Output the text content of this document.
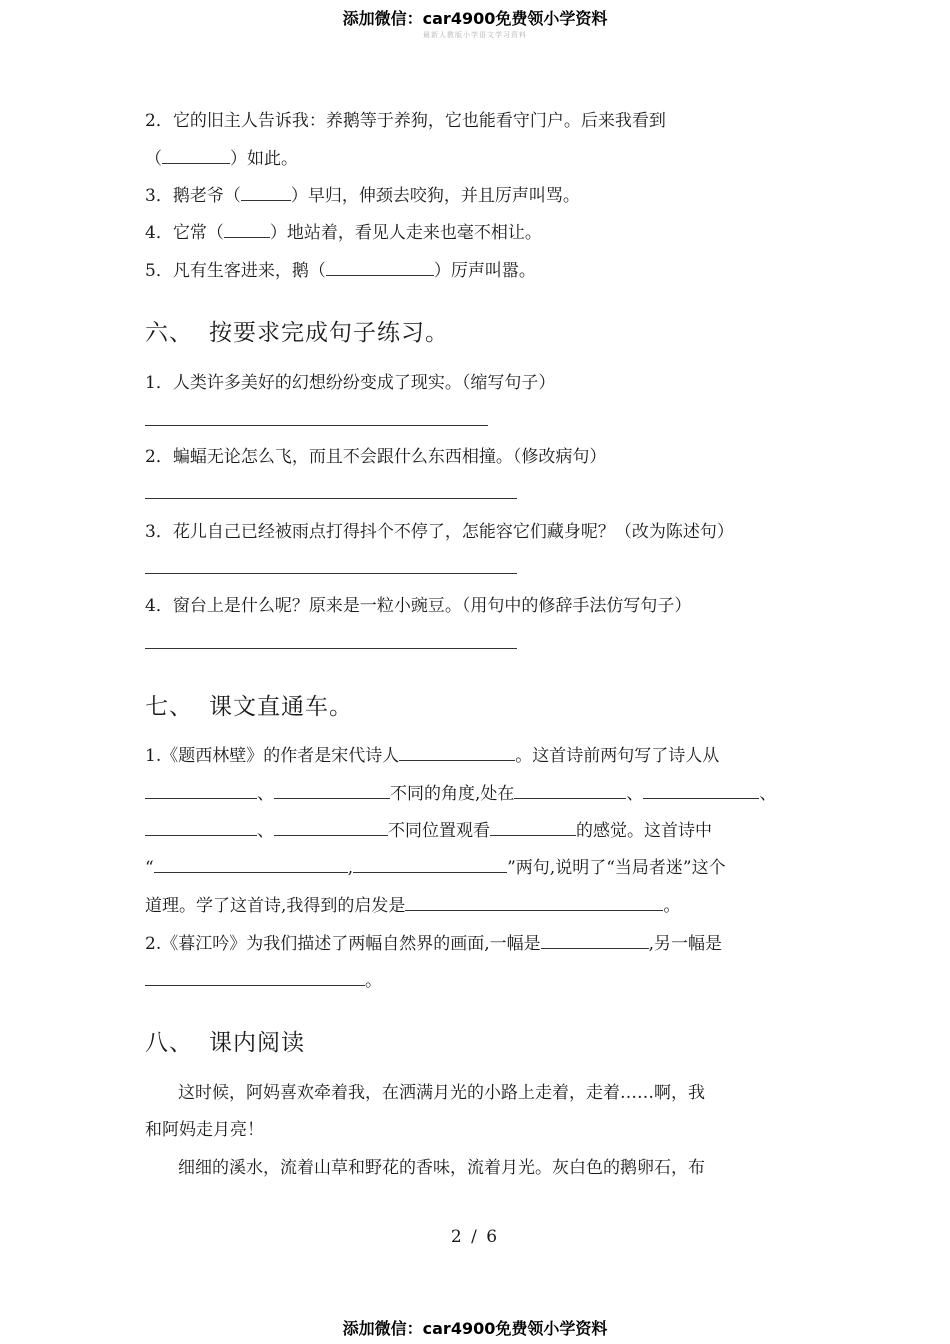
添加微信：car4900免费领小学资料
最新人教版小学语文学习资料
2．它的旧主人告诉我：养鹅等于养狗，它也能看守门户。后来我看到
（	）如此。
3．鹅老爷（	）早归，伸颈去咬狗，并且厉声叫骂。
4．它常（	）地站着，看见人走来也毫不相让。
5．凡有生客进来，鹅（	）厉声叫嚣。
六、 按要求完成句子练习。
1．人类许多美好的幻想纷纷变成了现实。（缩写句子）
2．蝙蝠无论怎么飞，而且不会跟什么东西相撞。（修改病句）
3．花儿自己已经被雨点打得抖个不停了，怎能容它们藏身呢？（改为陈述句）
4．窗台上是什么呢？原来是一粒小豌豆。（用句中的修辞手法仿写句子）
七、 课文直通车。
1.《题西林壁》的作者是宋代诗人	。这首诗前两句写了诗人从
、	不同的角度,处在	、	、
、	不同位置观看	的感觉。这首诗中
“	,	”两句,说明了“当局者迷”这个
道理。学了这首诗,我得到的启发是	。
2.《暮江吟》为我们描述了两幅自然界的画面,一幅是	,另一幅是
。
八、 课内阅读
这时候，阿妈喜欢牵着我，在洒满月光的小路上走着，走着……啊，我
和阿妈走月亮！
细细的溪水，流着山草和野花的香味，流着月光。灰白色的鹅卵石，布
2 / 6
添加微信：car4900免费领小学资料
